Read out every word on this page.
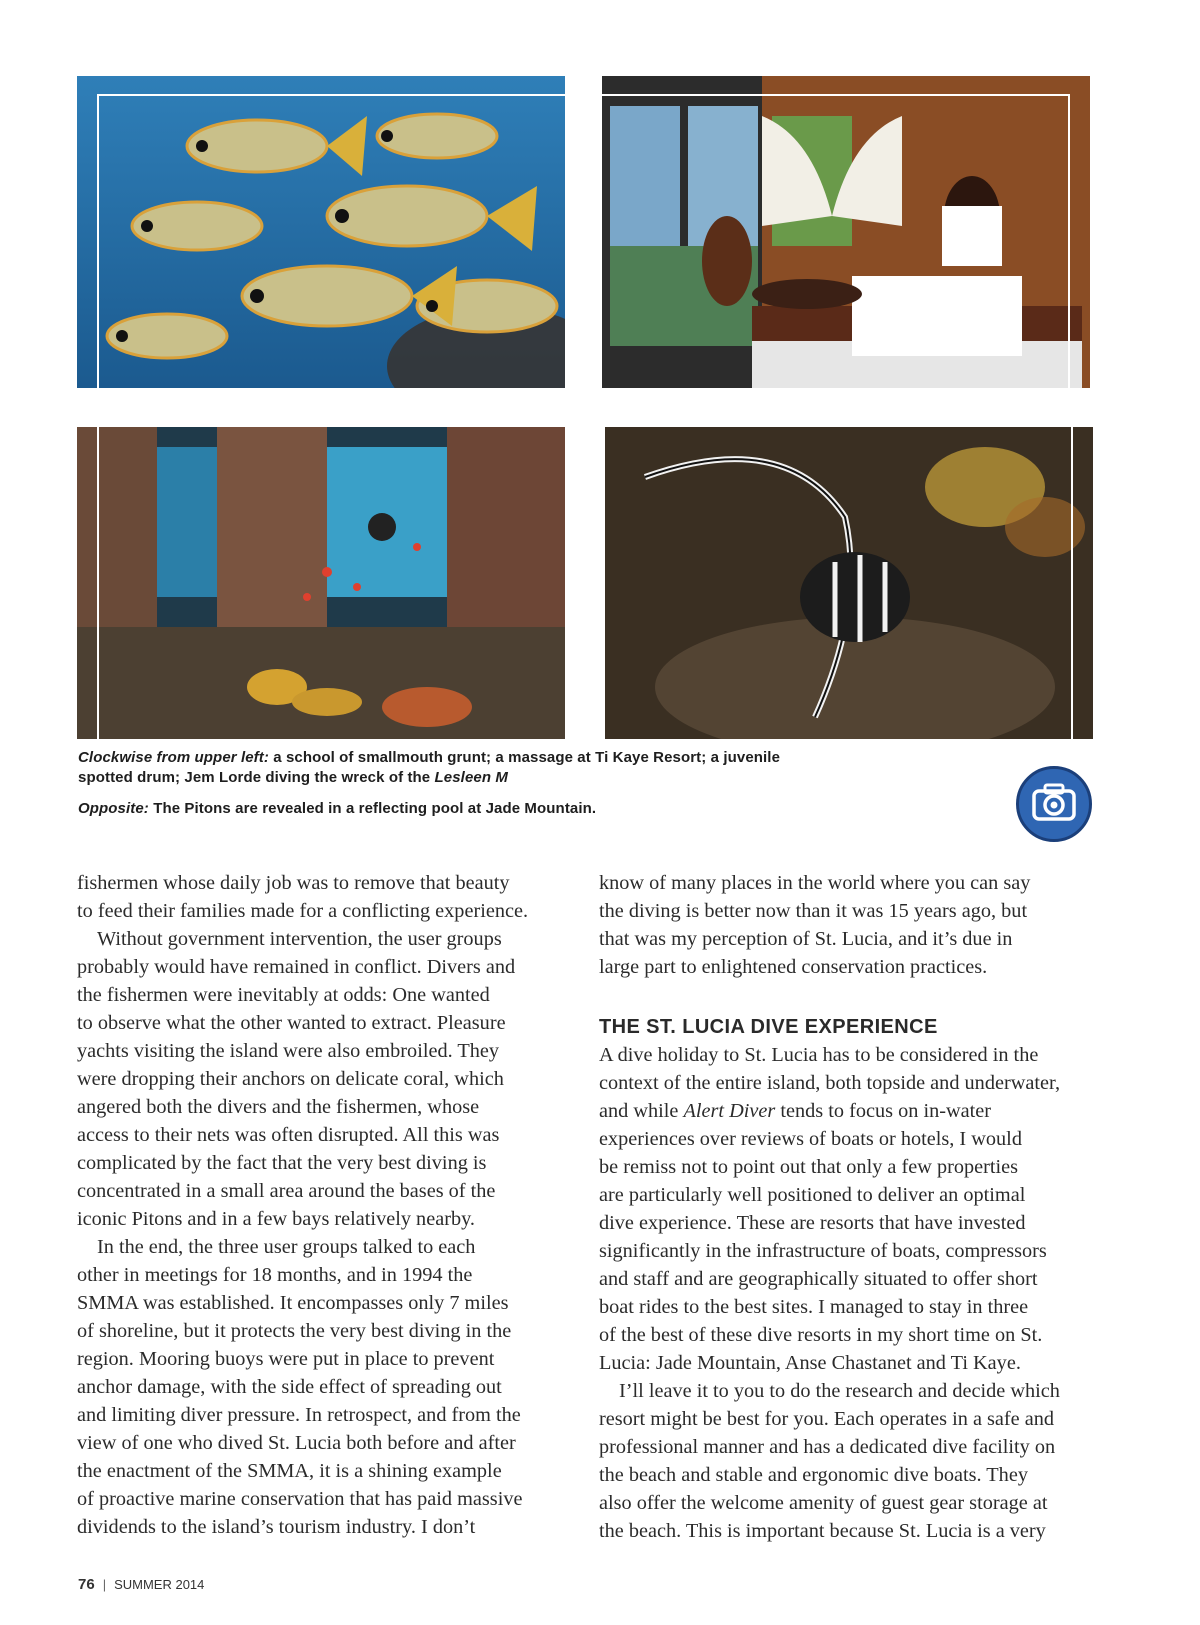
Clockwise from upper left: a school of smallmouth grunt; a massage at Ti Kaye Resort; a juvenile
spotted drum; Jem Lorde diving the wreck of the Lesleen M
Opposite: The Pitons are revealed in a reflecting pool at Jade Mountain.
fishermen whose daily job was to remove that beauty
to feed their families made for a conflicting experience.
Without government intervention, the user groups
probably would have remained in conflict. Divers and
the fishermen were inevitably at odds: One wanted
to observe what the other wanted to extract. Pleasure
yachts visiting the island were also embroiled. They
were dropping their anchors on delicate coral, which
angered both the divers and the fishermen, whose
access to their nets was often disrupted. All this was
complicated by the fact that the very best diving is
concentrated in a small area around the bases of the
iconic Pitons and in a few bays relatively nearby.
In the end, the three user groups talked to each
other in meetings for 18 months, and in 1994 the
SMMA was established. It encompasses only 7 miles
of shoreline, but it protects the very best diving in the
region. Mooring buoys were put in place to prevent
anchor damage, with the side effect of spreading out
and limiting diver pressure. In retrospect, and from the
view of one who dived St. Lucia both before and after
the enactment of the SMMA, it is a shining example
of proactive marine conservation that has paid massive
dividends to the island’s tourism industry. I don’t
know of many places in the world where you can say
the diving is better now than it was 15 years ago, but
that was my perception of St. Lucia, and it’s due in
large part to enlightened conservation practices.
THE ST. LUCIA DIVE EXPERIENCE
A dive holiday to St. Lucia has to be considered in the
context of the entire island, both topside and underwater,
and while Alert Diver tends to focus on in-water
experiences over reviews of boats or hotels, I would
be remiss not to point out that only a few properties
are particularly well positioned to deliver an optimal
dive experience. These are resorts that have invested
significantly in the infrastructure of boats, compressors
and staff and are geographically situated to offer short
boat rides to the best sites. I managed to stay in three
of the best of these dive resorts in my short time on St.
Lucia: Jade Mountain, Anse Chastanet and Ti Kaye.
I’ll leave it to you to do the research and decide which
resort might be best for you. Each operates in a safe and
professional manner and has a dedicated dive facility on
the beach and stable and ergonomic dive boats. They
also offer the welcome amenity of guest gear storage at
the beach. This is important because St. Lucia is a very
76 | SUMMER 2014
